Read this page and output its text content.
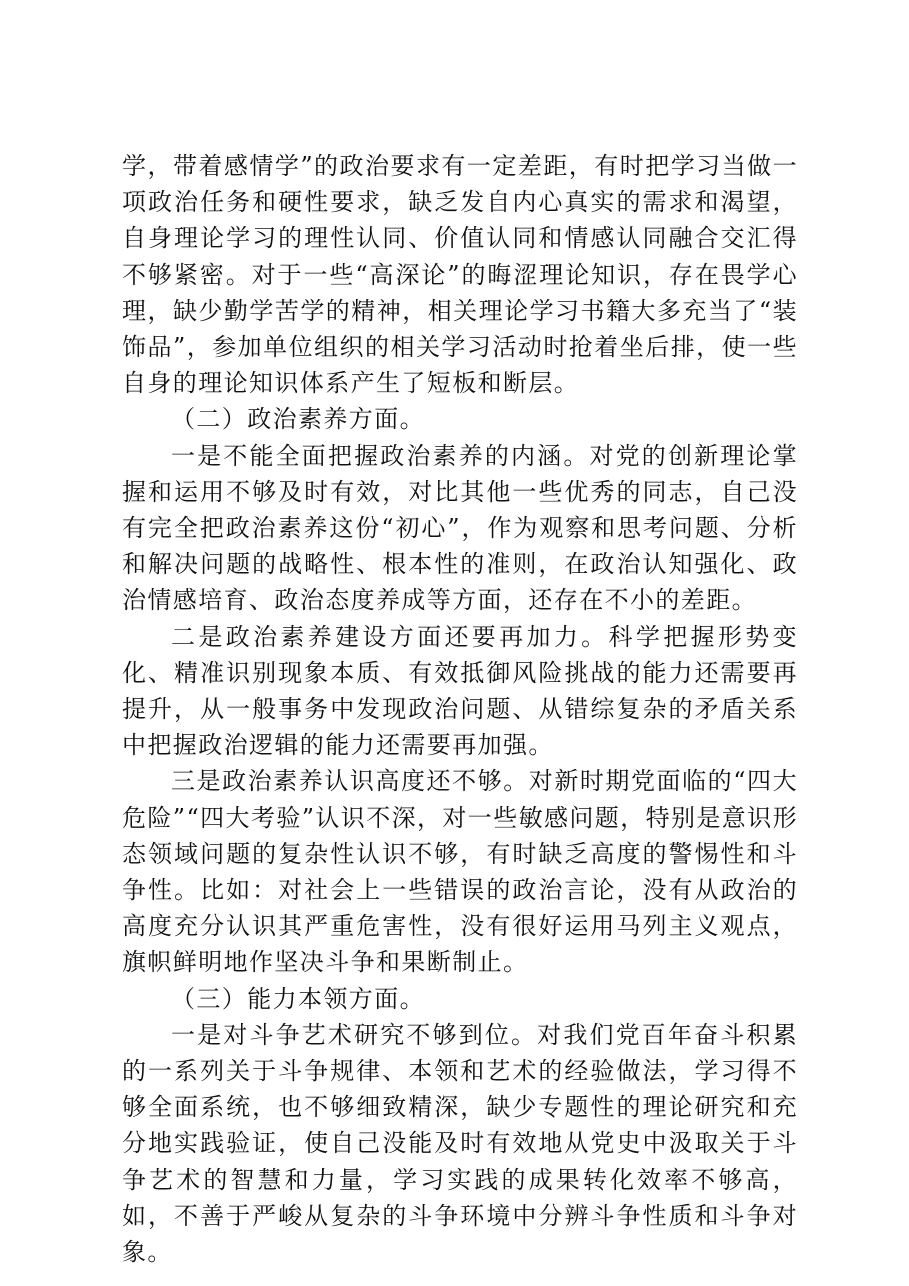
学，带着感情学”的政治要求有一定差距，有时把学习当做一项政治任务和硬性要求，缺乏发自内心真实的需求和渴望，自身理论学习的理性认同、价值认同和情感认同融合交汇得不够紧密。对于一些“高深论”的晦涩理论知识，存在畏学心理，缺少勤学苦学的精神，相关理论学习书籍大多充当了“装饰品”，参加单位组织的相关学习活动时抢着坐后排，使一些自身的理论知识体系产生了短板和断层。

（二）政治素养方面。

一是不能全面把握政治素养的内涵。对党的创新理论掌握和运用不够及时有效，对比其他一些优秀的同志，自己没有完全把政治素养这份“初心”，作为观察和思考问题、分析和解决问题的战略性、根本性的准则，在政治认知强化、政治情感培育、政治态度养成等方面，还存在不小的差距。

二是政治素养建设方面还要再加力。科学把握形势变化、精准识别现象本质、有效抵御风险挑战的能力还需要再提升，从一般事务中发现政治问题、从错综复杂的矛盾关系中把握政治逻辑的能力还需要再加强。

三是政治素养认识高度还不够。对新时期党面临的“四大危险”“四大考验”认识不深，对一些敏感问题，特别是意识形态领域问题的复杂性认识不够，有时缺乏高度的警惕性和斗争性。比如：对社会上一些错误的政治言论，没有从政治的高度充分认识其严重危害性，没有很好运用马列主义观点，旗帜鲜明地作坚决斗争和果断制止。

（三）能力本领方面。

一是对斗争艺术研究不够到位。对我们党百年奋斗积累的一系列关于斗争规律、本领和艺术的经验做法，学习得不够全面系统，也不够细致精深，缺少专题性的理论研究和充分地实践验证，使自己没能及时有效地从党史中汲取关于斗争艺术的智慧和力量，学习实践的成果转化效率不够高，如，不善于严峻从复杂的斗争环境中分辨斗争性质和斗争对象。
